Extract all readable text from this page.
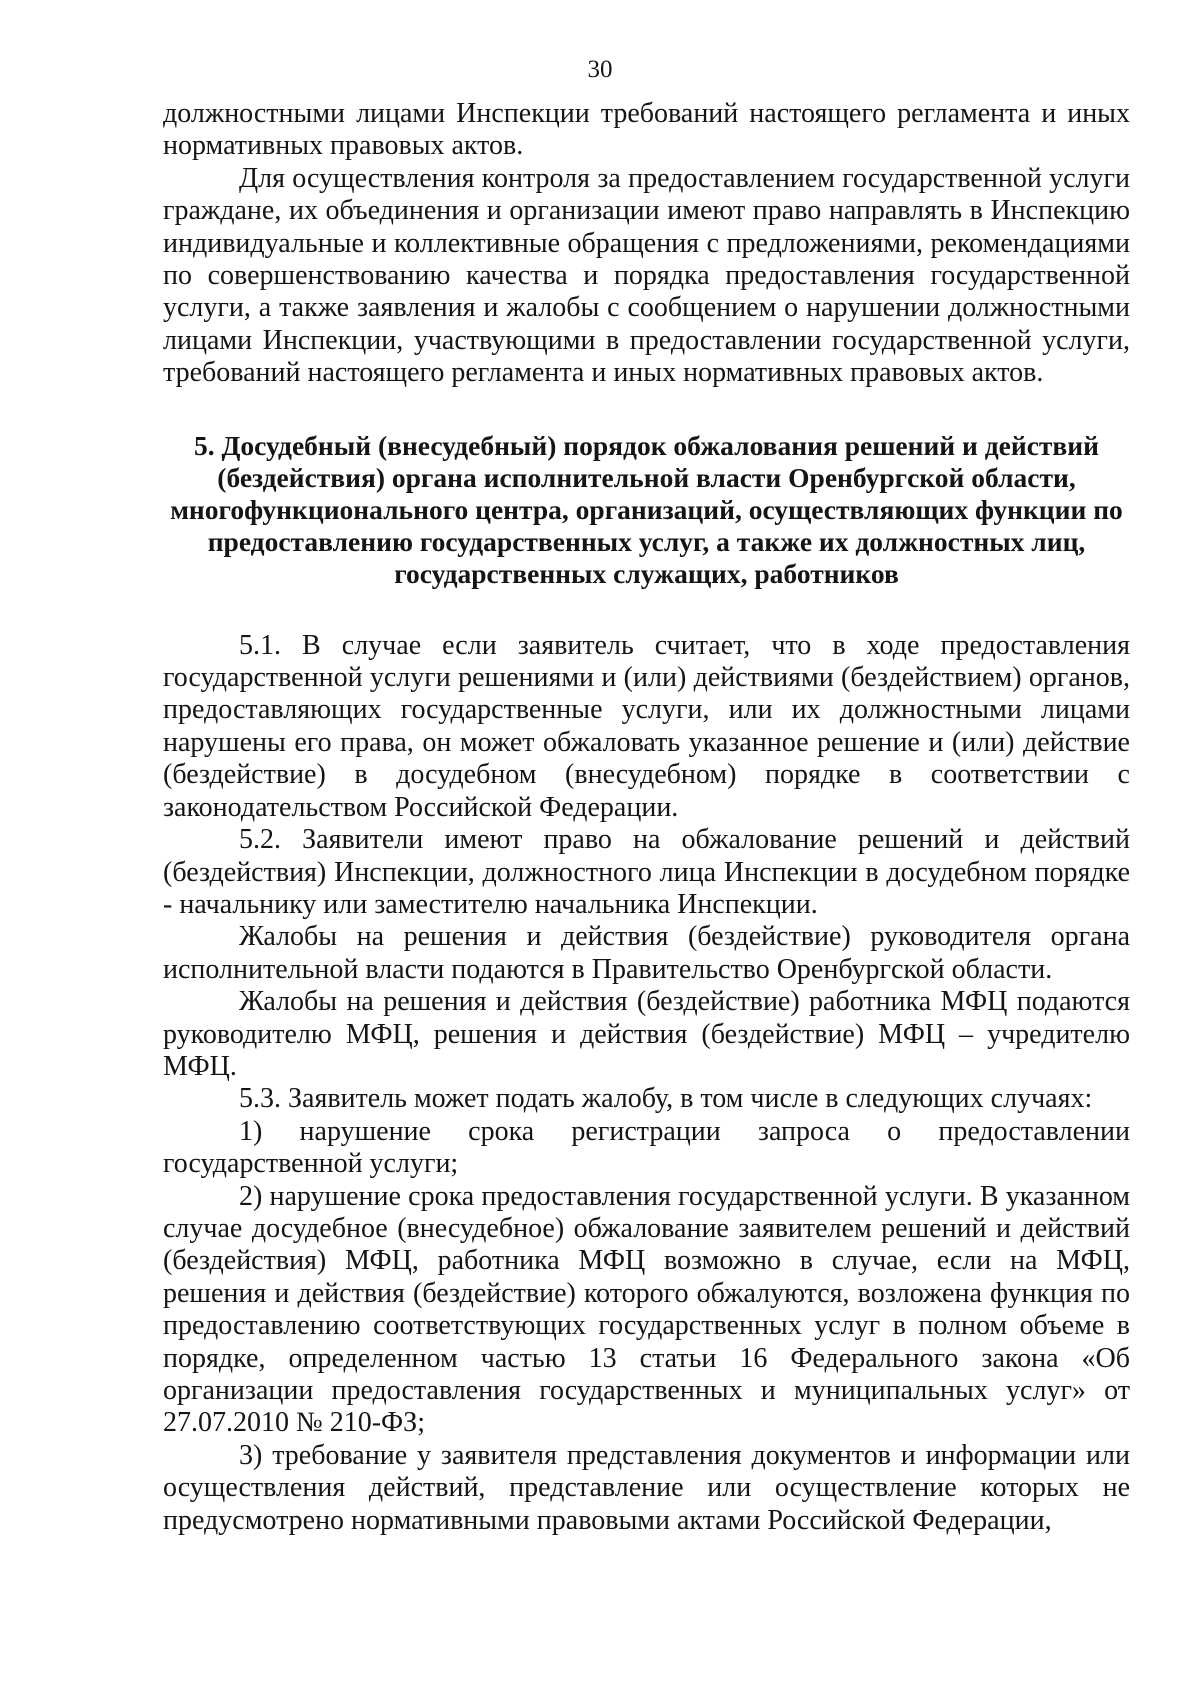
30

должностными лицами Инспекции требований настоящего регламента и иных нормативных правовых актов.

Для осуществления контроля за предоставлением государственной услуги граждане, их объединения и организации имеют право направлять в Инспекцию индивидуальные и коллективные обращения с предложениями, рекомендациями по совершенствованию качества и порядка предоставления государственной услуги, а также заявления и жалобы с сообщением о нарушении должностными лицами Инспекции, участвующими в предоставлении государственной услуги, требований настоящего регламента и иных нормативных правовых актов.

5. Досудебный (внесудебный) порядок обжалования решений и действий (бездействия) органа исполнительной власти Оренбургской области, многофункционального центра, организаций, осуществляющих функции по предоставлению государственных услуг, а также их должностных лиц, государственных служащих, работников

5.1. В случае если заявитель считает, что в ходе предоставления государственной услуги решениями и (или) действиями (бездействием) органов, предоставляющих государственные услуги, или их должностными лицами нарушены его права, он может обжаловать указанное решение и (или) действие (бездействие) в досудебном (внесудебном) порядке в соответствии с законодательством Российской Федерации.

5.2. Заявители имеют право на обжалование решений и действий (бездействия) Инспекции, должностного лица Инспекции в досудебном порядке - начальнику или заместителю начальника Инспекции.

Жалобы на решения и действия (бездействие) руководителя органа исполнительной власти подаются в Правительство Оренбургской области.

Жалобы на решения и действия (бездействие) работника МФЦ подаются руководителю МФЦ, решения и действия (бездействие) МФЦ – учредителю МФЦ.

5.3. Заявитель может подать жалобу, в том числе в следующих случаях:

1) нарушение срока регистрации запроса о предоставлении государственной услуги;

2) нарушение срока предоставления государственной услуги. В указанном случае досудебное (внесудебное) обжалование заявителем решений и действий (бездействия) МФЦ, работника МФЦ возможно в случае, если на МФЦ, решения и действия (бездействие) которого обжалуются, возложена функция по предоставлению соответствующих государственных услуг в полном объеме в порядке, определенном частью 13 статьи 16 Федерального закона «Об организации предоставления государственных и муниципальных услуг» от 27.07.2010 № 210-ФЗ;

3) требование у заявителя представления документов и информации или осуществления действий, представление или осуществление которых не предусмотрено нормативными правовыми актами Российской Федерации,
